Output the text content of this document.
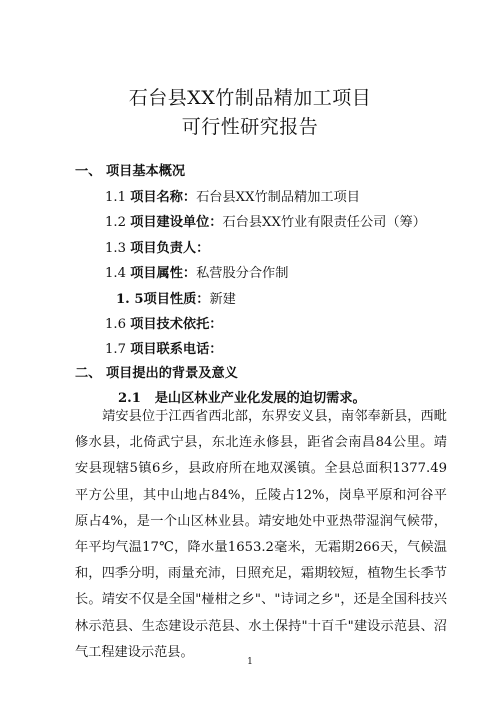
石台县XX竹制品精加工项目
可行性研究报告
一、 项目基本概况
1.1 项目名称：石台县XX竹制品精加工项目
1.2 项目建设单位：石台县XX竹业有限责任公司（筹）
1.3 项目负责人：
1.4 项目属性：私营股分合作制
1. 5项目性质：新建
1.6 项目技术依托：
1.7 项目联系电话：
二、 项目提出的背景及意义
2.1 是山区林业产业化发展的迫切需求。
靖安县位于江西省西北部，东界安义县，南邻奉新县，西毗修水县，北倚武宁县，东北连永修县，距省会南昌84公里。靖安县现辖5镇6乡，县政府所在地双溪镇。全县总面积1377.49平方公里，其中山地占84%，丘陵占12%，岗阜平原和河谷平原占4%，是一个山区林业县。靖安地处中亚热带湿润气候带，年平均气温17℃，降水量1653.2毫米，无霜期266天，气候温和，四季分明，雨量充沛，日照充足，霜期较短，植物生长季节长。靖安不仅是全国"椪柑之乡"、"诗词之乡"，还是全国科技兴林示范县、生态建设示范县、水土保持"十百千"建设示范县、沼气工程建设示范县。
1
